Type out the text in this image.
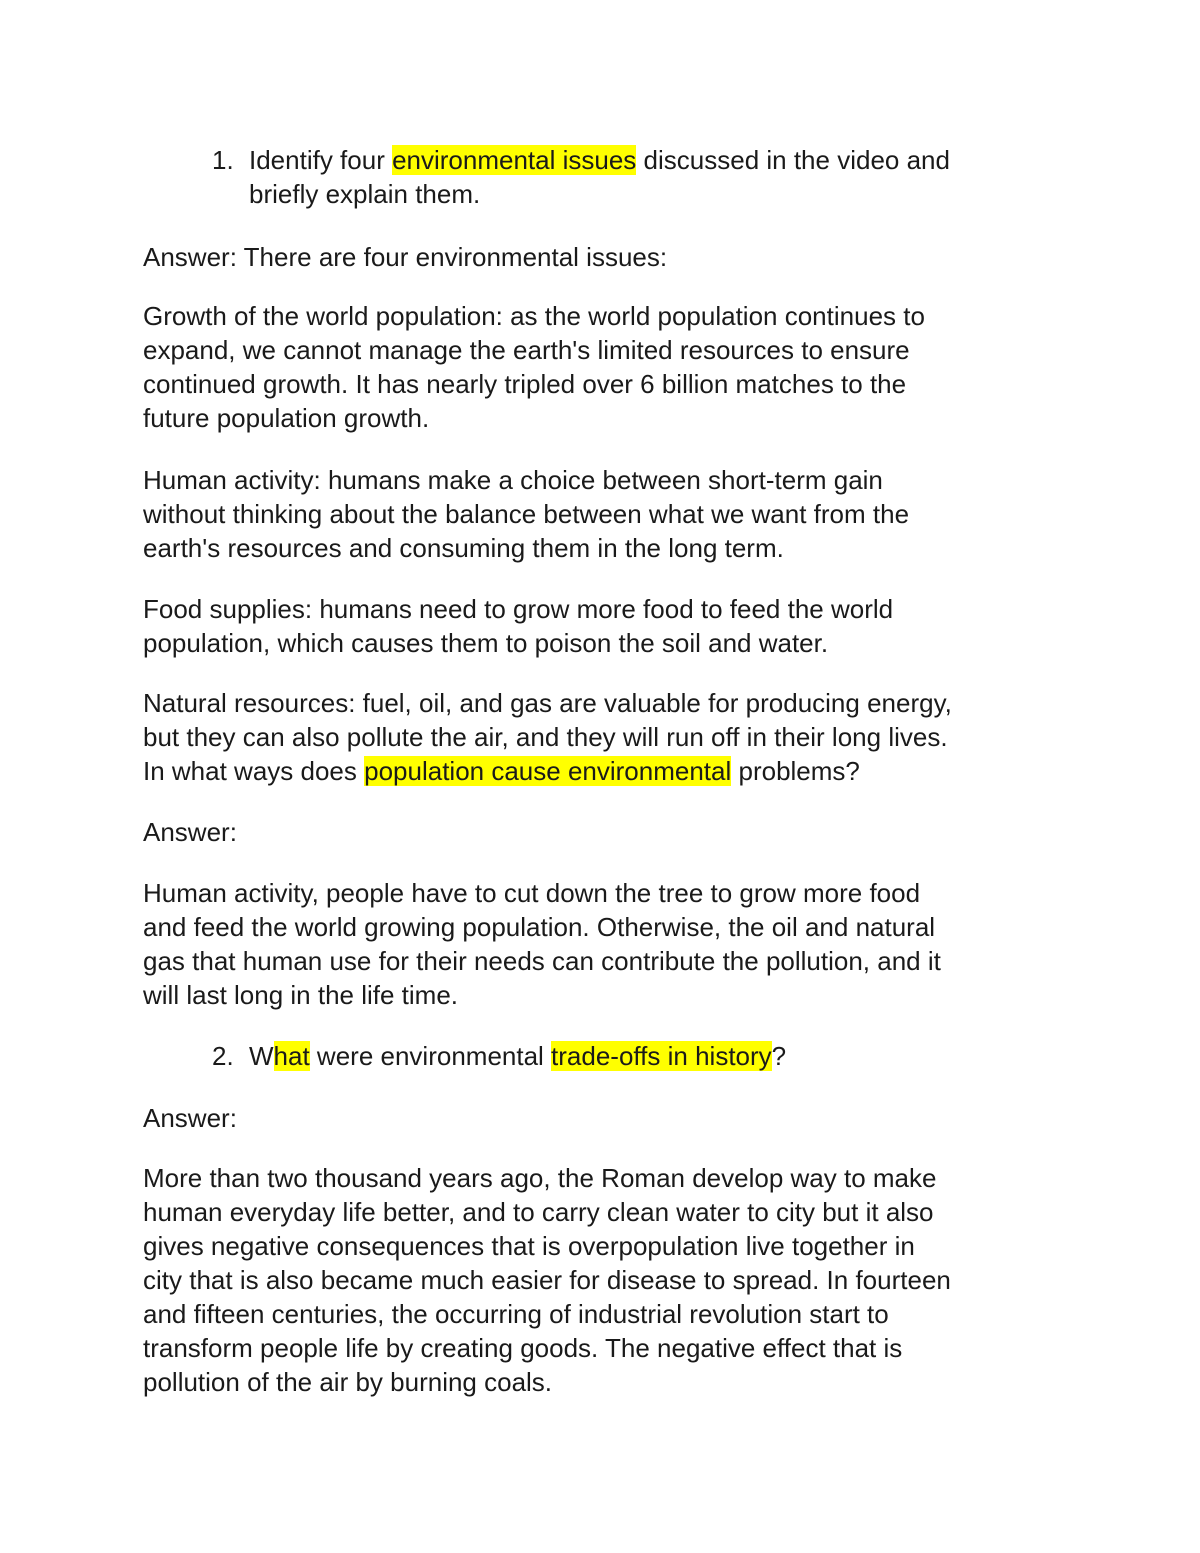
1. Identify four environmental issues discussed in the video and
briefly explain them.
Answer: There are four environmental issues:
Growth of the world population: as the world population continues to
expand, we cannot manage the earth's limited resources to ensure
continued growth. It has nearly tripled over 6 billion matches to the
future population growth.
Human activity: humans make a choice between short-term gain
without thinking about the balance between what we want from the
earth's resources and consuming them in the long term.
Food supplies: humans need to grow more food to feed the world
population, which causes them to poison the soil and water.
Natural resources: fuel, oil, and gas are valuable for producing energy,
but they can also pollute the air, and they will run off in their long lives.
In what ways does population cause environmental problems?
Answer:
Human activity, people have to cut down the tree to grow more food
and feed the world growing population. Otherwise, the oil and natural
gas that human use for their needs can contribute the pollution, and it
will last long in the life time.
2. What were environmental trade-offs in history?
Answer:
More than two thousand years ago, the Roman develop way to make
human everyday life better, and to carry clean water to city but it also
gives negative consequences that is overpopulation live together in
city that is also became much easier for disease to spread. In fourteen
and fifteen centuries, the occurring of industrial revolution start to
transform people life by creating goods. The negative effect that is
pollution of the air by burning coals.
